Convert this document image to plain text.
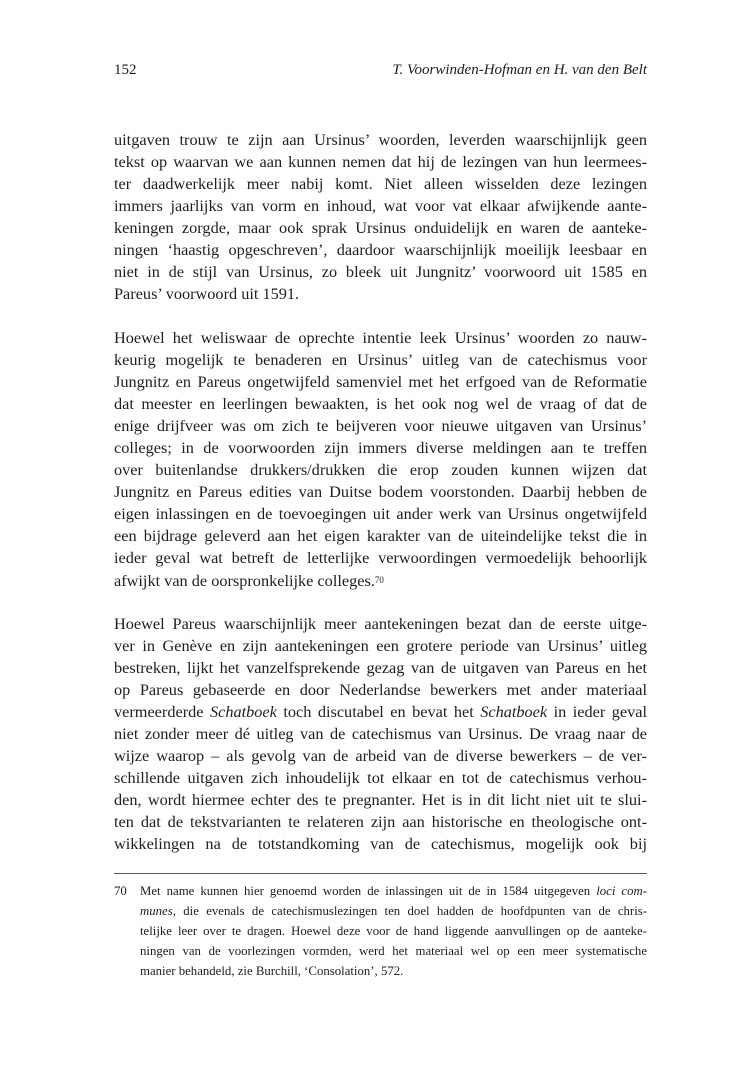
152	T. Voorwinden-Hofman en H. van den Belt
uitgaven trouw te zijn aan Ursinus’ woorden, leverden waarschijnlijk geen
tekst op waarvan we aan kunnen nemen dat hij de lezingen van hun leermees-
ter daadwerkelijk meer nabij komt. Niet alleen wisselden deze lezingen
immers jaarlijks van vorm en inhoud, wat voor vat elkaar afwijkende aante-
keningen zorgde, maar ook sprak Ursinus onduidelijk en waren de aanteke-
ningen ‘haastig opgeschreven’, daardoor waarschijnlijk moeilijk leesbaar en
niet in de stijl van Ursinus, zo bleek uit Jungnitz’ voorwoord uit 1585 en
Pareus’ voorwoord uit 1591.
Hoewel het weliswaar de oprechte intentie leek Ursinus’ woorden zo nauw-
keurig mogelijk te benaderen en Ursinus’ uitleg van de catechismus voor
Jungnitz en Pareus ongetwijfeld samenviel met het erfgoed van de Reformatie
dat meester en leerlingen bewaakten, is het ook nog wel de vraag of dat de
enige drijfveer was om zich te beijveren voor nieuwe uitgaven van Ursinus’
colleges; in de voorwoorden zijn immers diverse meldingen aan te treffen
over buitenlandse drukkers/drukken die erop zouden kunnen wijzen dat
Jungnitz en Pareus edities van Duitse bodem voorstonden. Daarbij hebben de
eigen inlassingen en de toevoegingen uit ander werk van Ursinus ongetwijfeld
een bijdrage geleverd aan het eigen karakter van de uiteindelijke tekst die in
ieder geval wat betreft de letterlijke verwoordingen vermoedelijk behoorlijk
afwijkt van de oorspronkelijke colleges.$^{70}$
Hoewel Pareus waarschijnlijk meer aantekeningen bezat dan de eerste uitge-
ver in Genève en zijn aantekeningen een grotere periode van Ursinus’ uitleg
bestreken, lijkt het vanzelfsprekende gezag van de uitgaven van Pareus en het
op Pareus gebaseerde en door Nederlandse bewerkers met ander materiaal
vermeerderde Schatboek toch discutabel en bevat het Schatboek in ieder geval
niet zonder meer dé uitleg van de catechismus van Ursinus. De vraag naar de
wijze waarop – als gevolg van de arbeid van de diverse bewerkers – de ver-
schillende uitgaven zich inhoudelijk tot elkaar en tot de catechismus verhou-
den, wordt hiermee echter des te pregnanter. Het is in dit licht niet uit te slui-
ten dat de tekstvarianten te relateren zijn aan historische en theologische ont-
wikkelingen na de totstandkoming van de catechismus, mogelijk ook bij
70 Met name kunnen hier genoemd worden de inlassingen uit de in 1584 uitgegeven loci com-
munes, die evenals de catechismuslezingen ten doel hadden de hoofdpunten van de chris-
telijke leer over te dragen. Hoewel deze voor de hand liggende aanvullingen op de aanteke-
ningen van de voorlezingen vormden, werd het materiaal wel op een meer systematische
manier behandeld, zie Burchill, ‘Consolation’, 572.
